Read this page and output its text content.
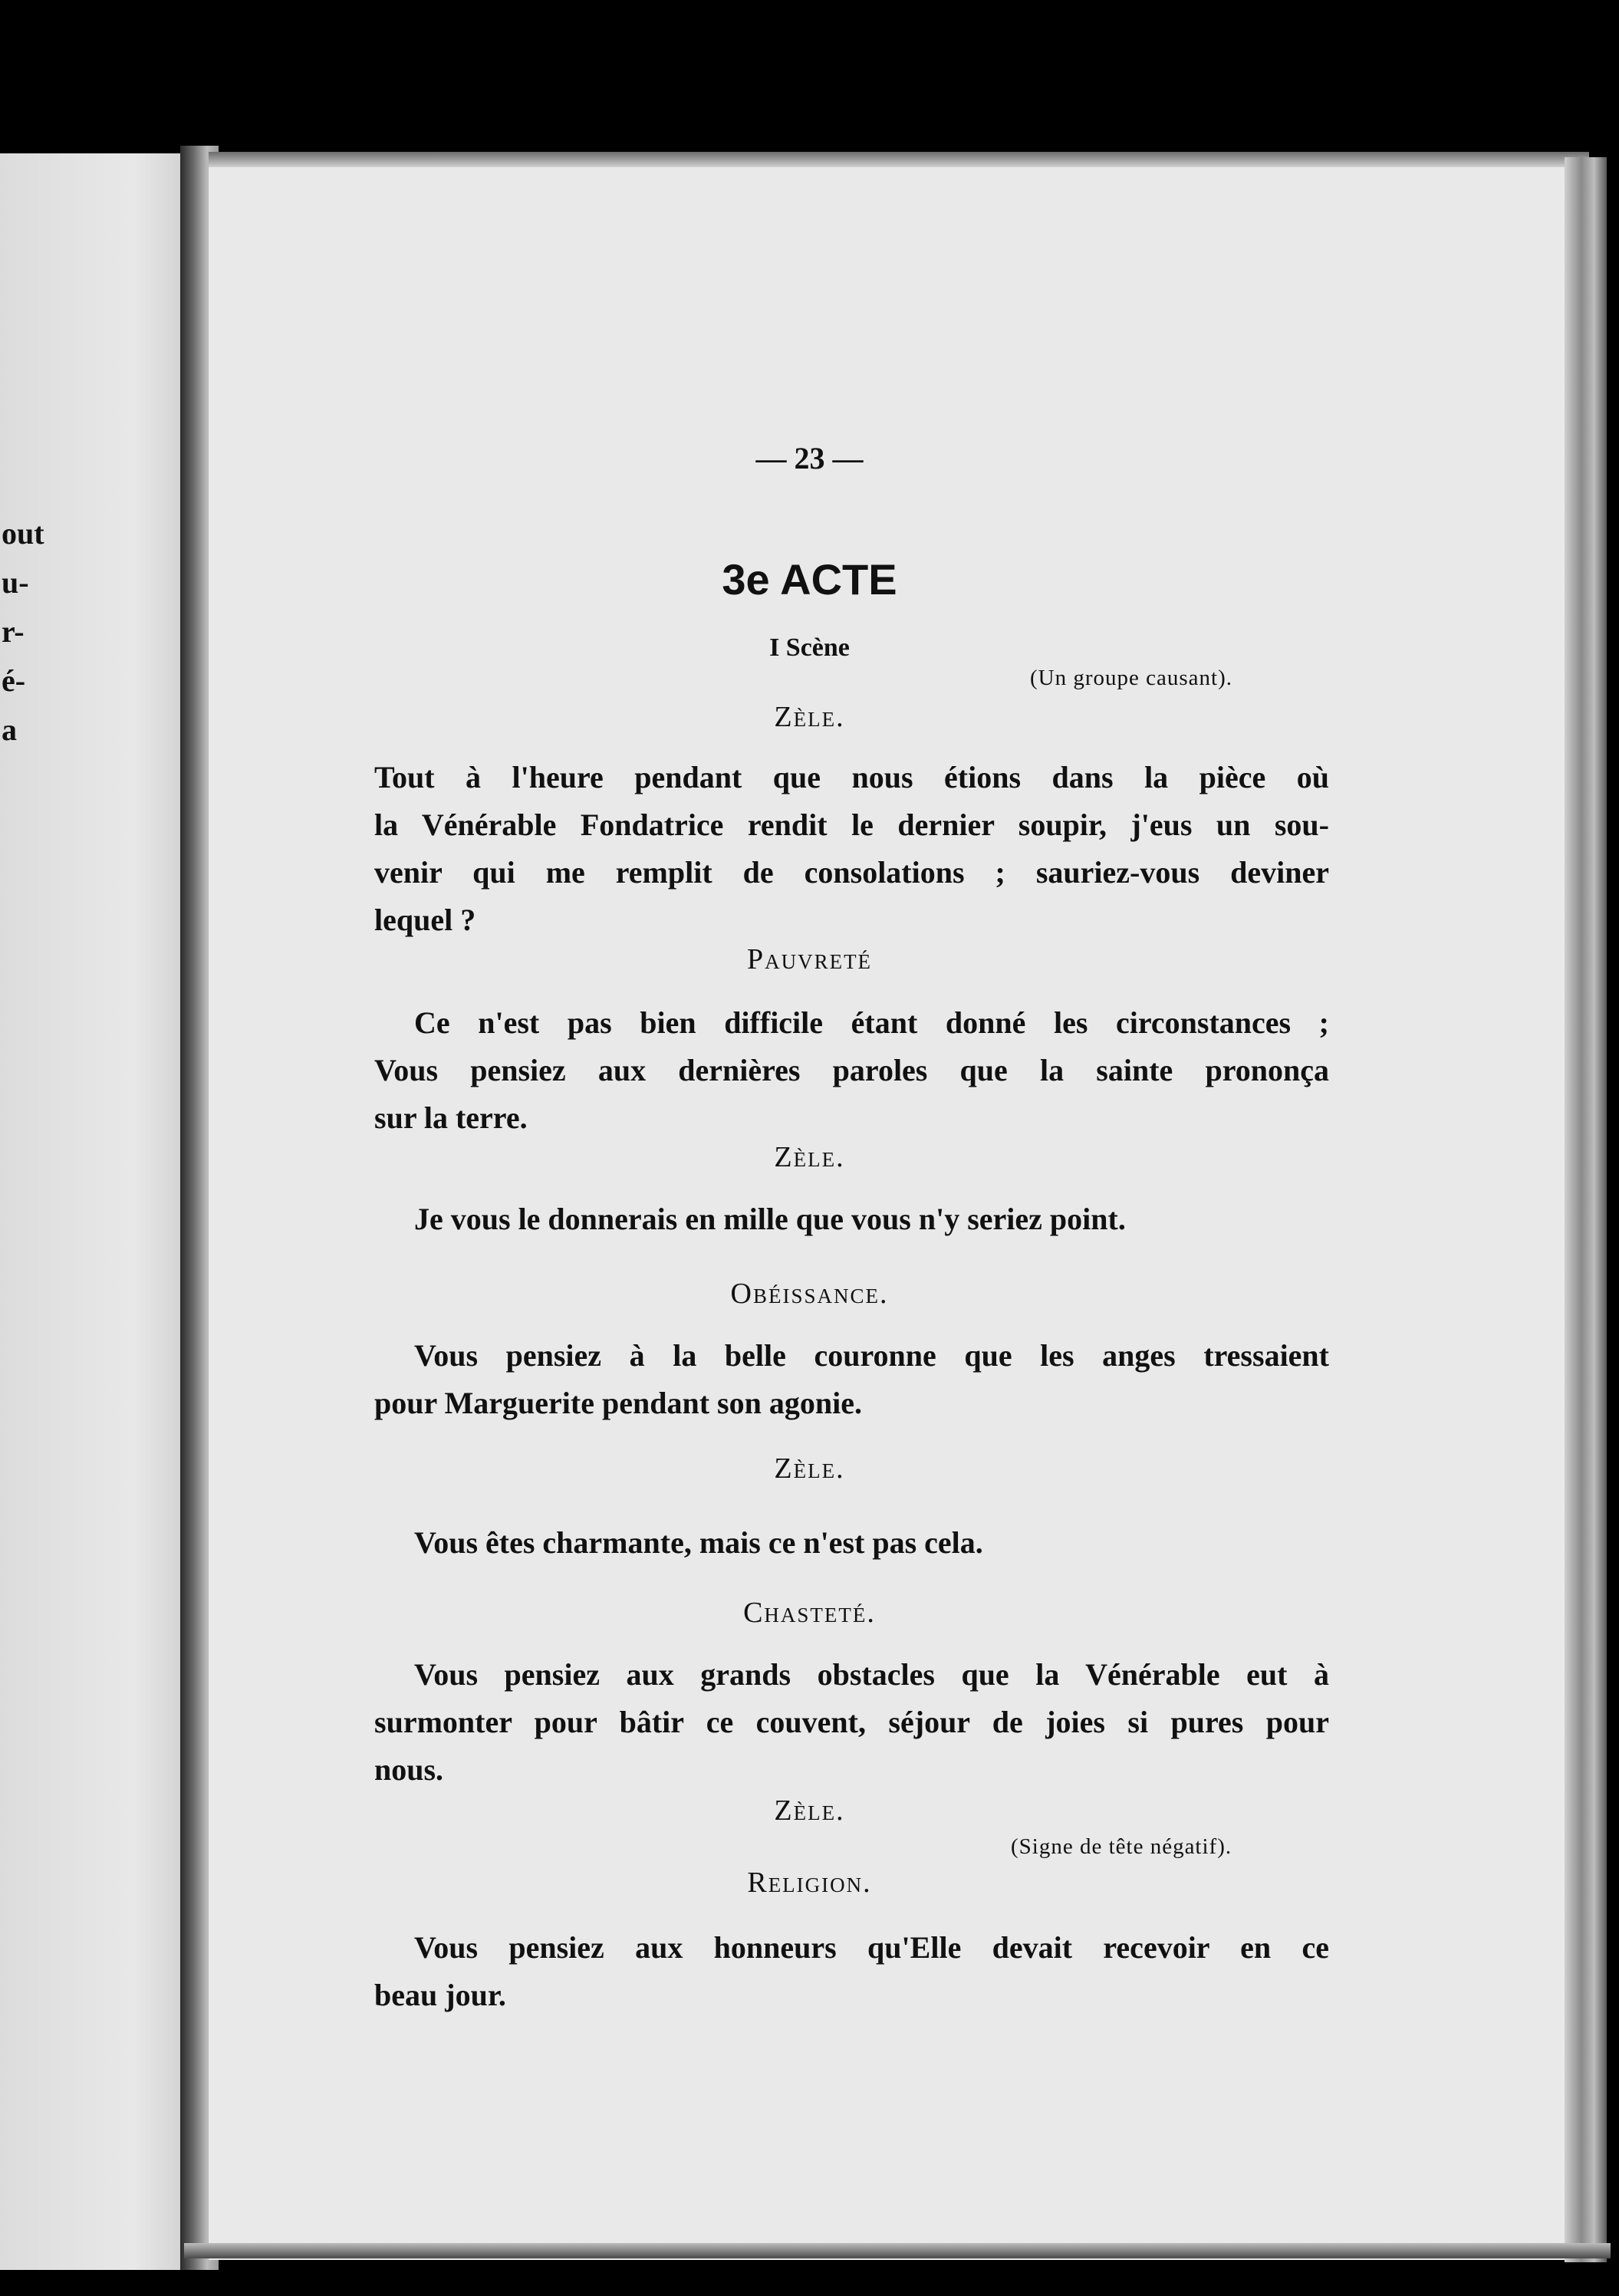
out
u-
r-
é-
a
— 23 —
3e ACTE
I Scène
(Un groupe causant).
Zèle.
Tout à l'heure pendant que nous étions dans la pièce où
la Vénérable Fondatrice rendit le dernier soupir, j'eus un sou-
venir qui me remplit de consolations ; sauriez-vous deviner
lequel ?
Pauvreté
Ce n'est pas bien difficile étant donné les circonstances ;
Vous pensiez aux dernières paroles que la sainte prononça
sur la terre.
Zèle.
Je vous le donnerais en mille que vous n'y seriez point.
Obéissance.
Vous pensiez à la belle couronne que les anges tressaient
pour Marguerite pendant son agonie.
Zèle.
Vous êtes charmante, mais ce n'est pas cela.
Chasteté.
Vous pensiez aux grands obstacles que la Vénérable eut à
surmonter pour bâtir ce couvent, séjour de joies si pures pour
nous.
Zèle.
(Signe de tête négatif).
Religion.
Vous pensiez aux honneurs qu'Elle devait recevoir en ce
beau jour.
